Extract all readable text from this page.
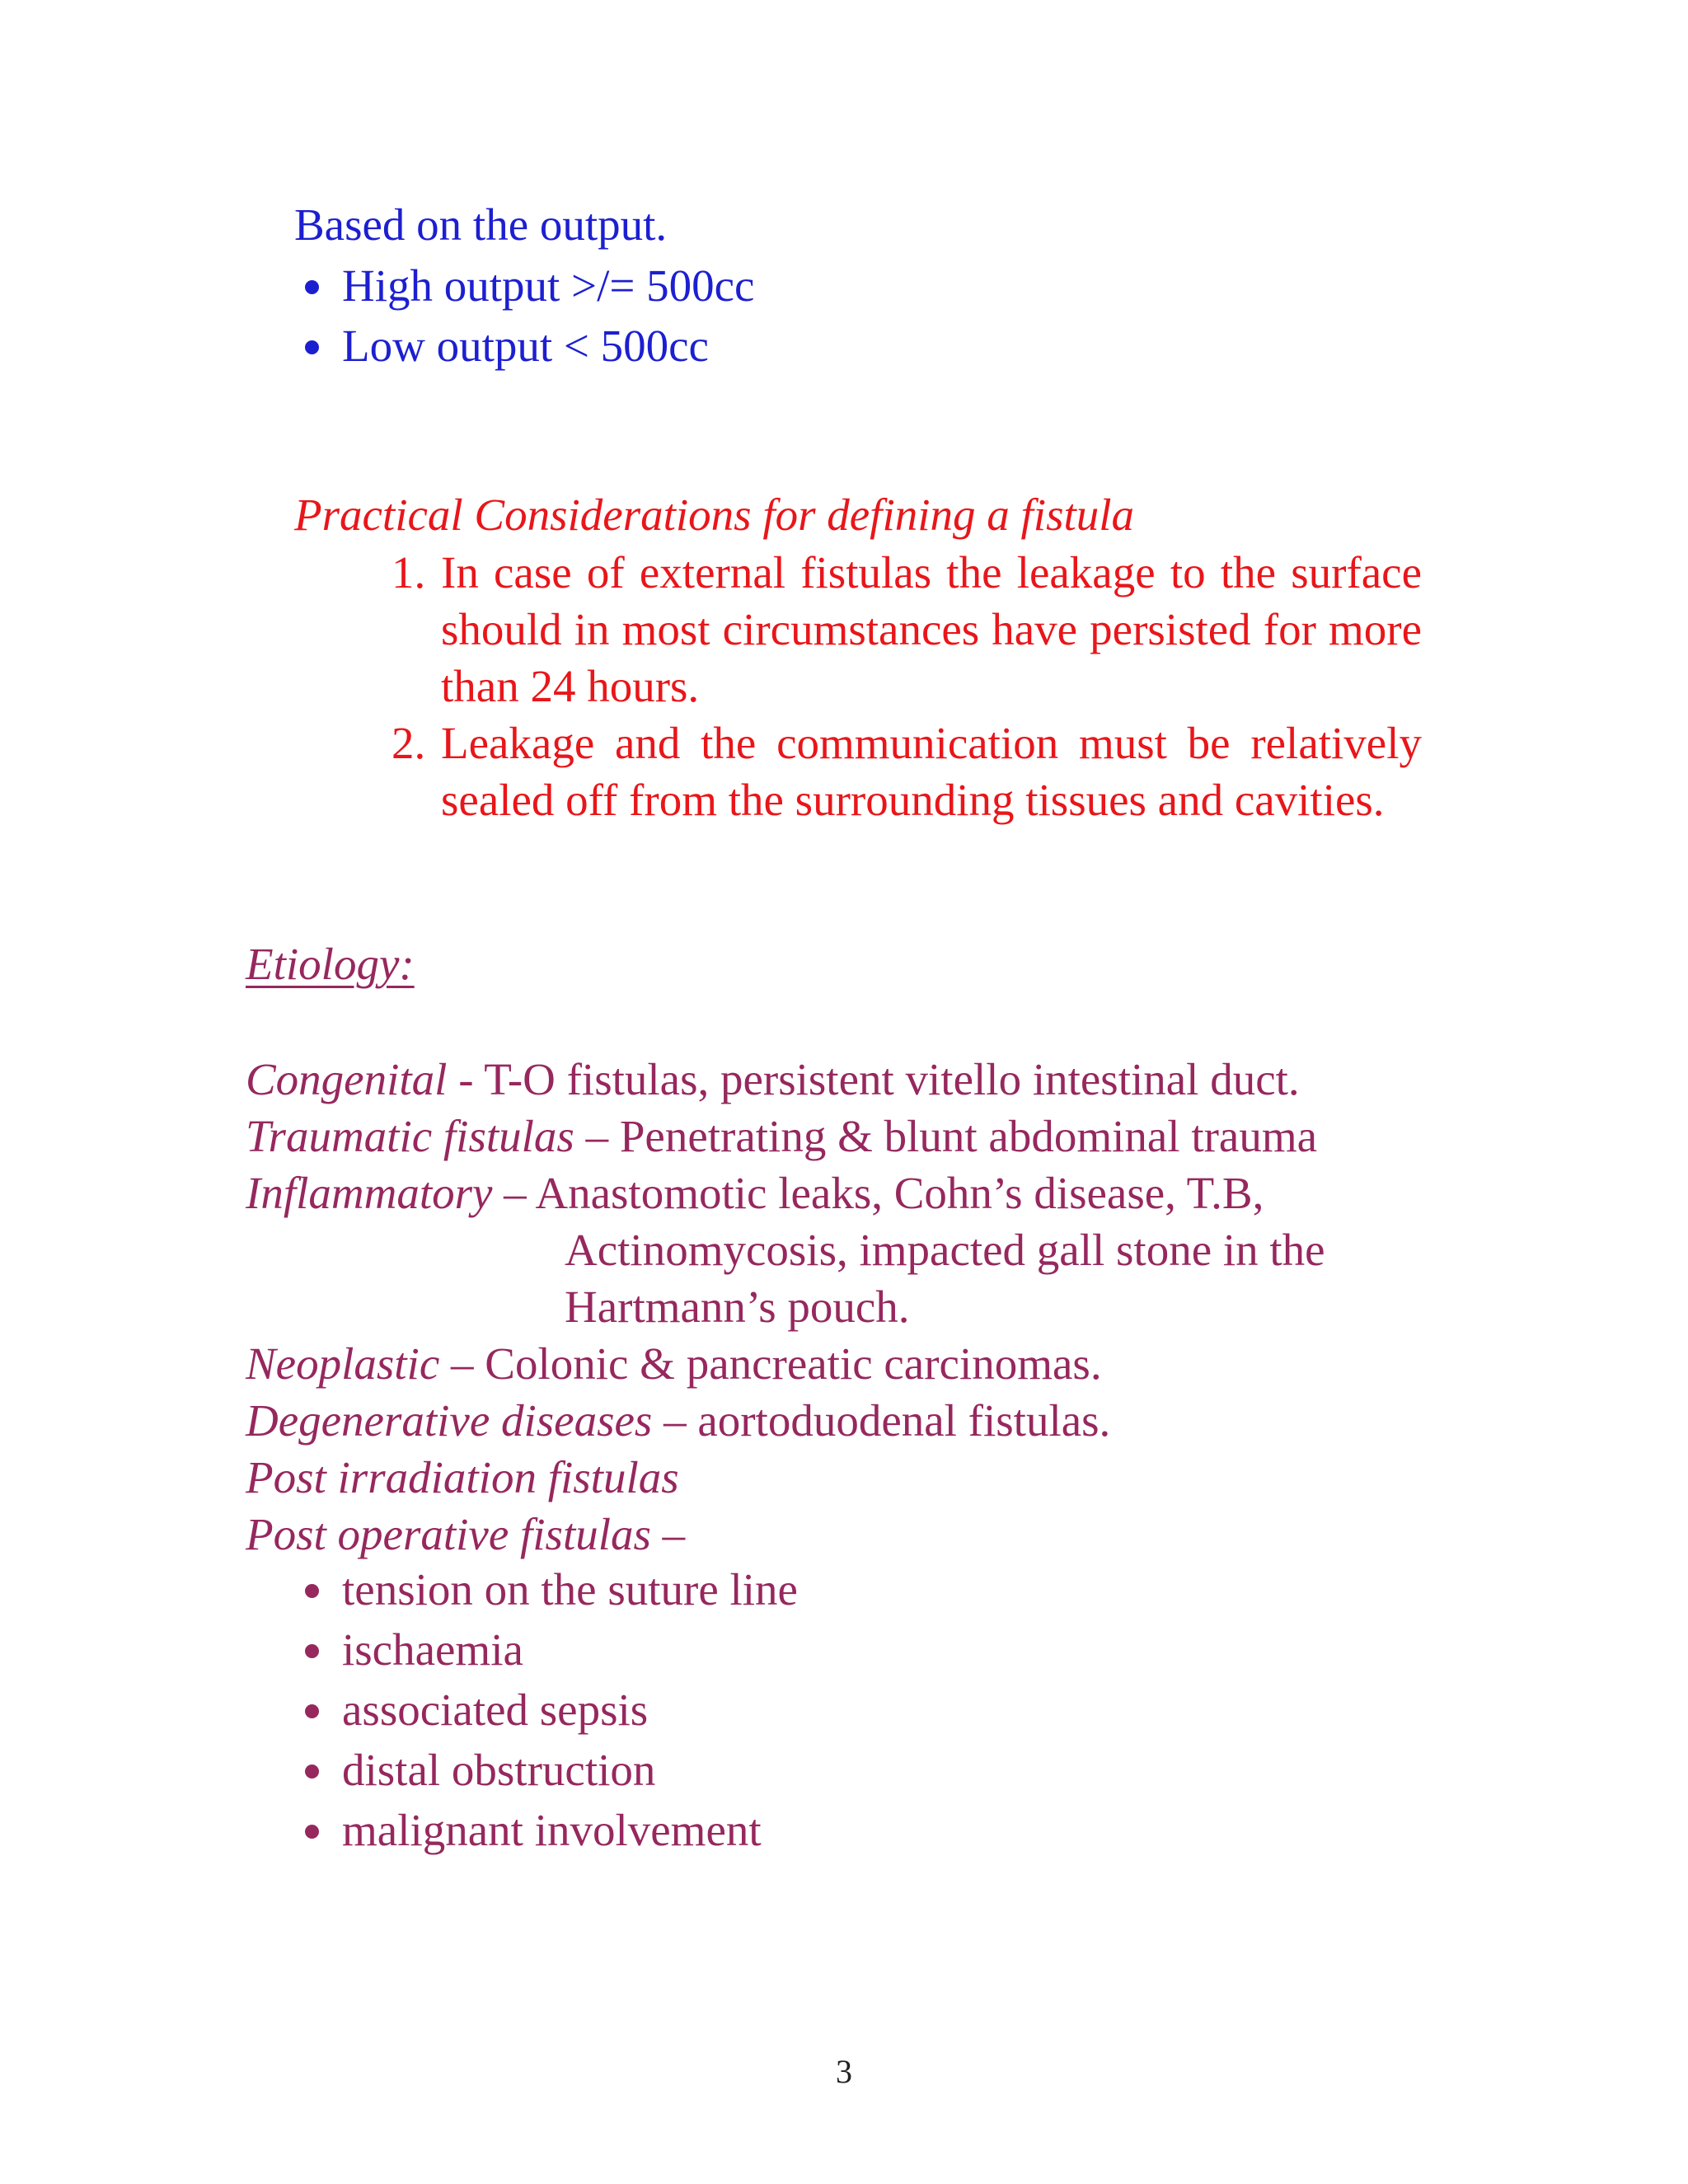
Based on the output.

High output >/= 500cc

Low output < 500cc

Practical Considerations for defining a fistula

1. In case of external fistulas the leakage to the surface should in most circumstances have persisted for more than 24 hours.

2. Leakage and the communication must be relatively sealed off from the surrounding tissues and cavities.

Etiology:

Congenital - T-O fistulas, persistent vitello intestinal duct.

Traumatic fistulas – Penetrating & blunt abdominal trauma

Inflammatory – Anastomotic leaks, Cohn’s disease, T.B,

Actinomycosis, impacted gall stone in the

Hartmann’s pouch.

Neoplastic – Colonic & pancreatic carcinomas.

Degenerative diseases – aortoduodenal fistulas.

Post irradiation fistulas

Post operative fistulas –

tension on the suture line

ischaemia

associated sepsis

distal obstruction

malignant involvement

3
